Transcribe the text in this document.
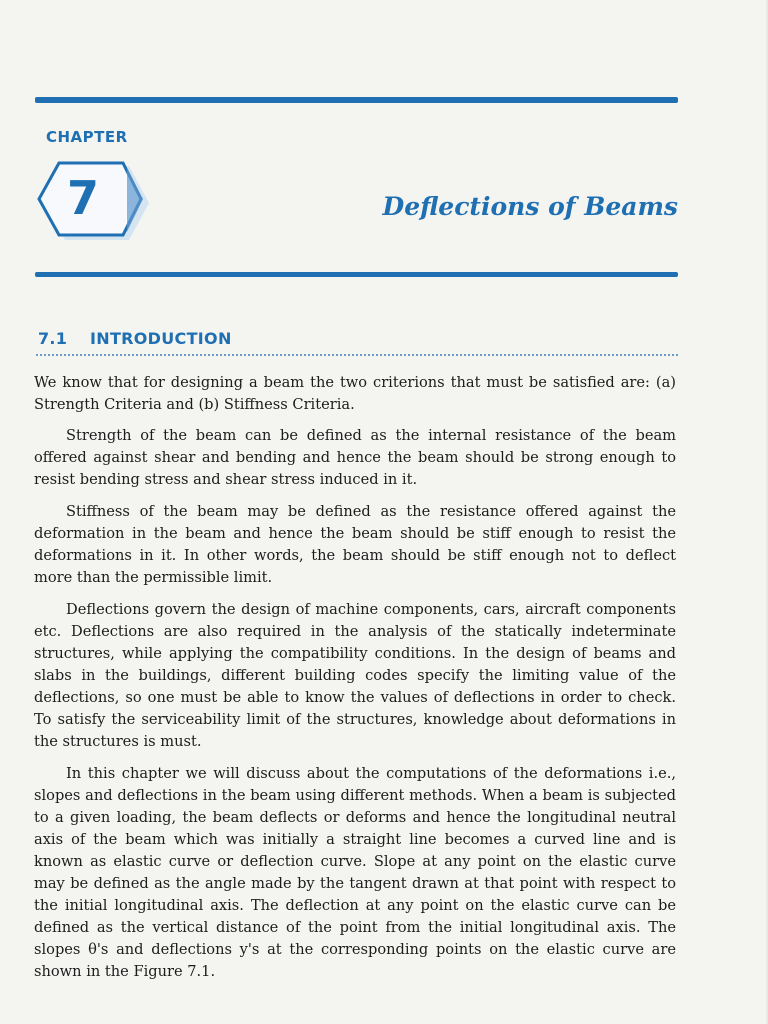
CHAPTER
7	Deflections of Beams
7.1 INTRODUCTION

We know that for designing a beam the two criterions that must be satisfied are: (a) Strength Criteria and (b) Stiffness Criteria.

Strength of the beam can be defined as the internal resistance of the beam offered against shear and bending and hence the beam should be strong enough to resist bending stress and shear stress induced in it.

Stiffness of the beam may be defined as the resistance offered against the deformation in the beam and hence the beam should be stiff enough to resist the deformations in it. In other words, the beam should be stiff enough not to deflect more than the permissible limit.

Deflections govern the design of machine components, cars, aircraft components etc. Deflections are also required in the analysis of the statically indeterminate structures, while applying the compatibility conditions. In the design of beams and slabs in the buildings, different building codes specify the limiting value of the deflections, so one must be able to know the values of deflections in order to check. To satisfy the serviceability limit of the structures, knowledge about deformations in the structures is must.

In this chapter we will discuss about the computations of the deformations i.e., slopes and deflections in the beam using different methods. When a beam is subjected to a given loading, the beam deflects or deforms and hence the longitudinal neutral axis of the beam which was initially a straight line becomes a curved line and is known as elastic curve or deflection curve. Slope at any point on the elastic curve may be defined as the angle made by the tangent drawn at that point with respect to the initial longitudinal axis. The deflection at any point on the elastic curve can be defined as the vertical distance of the point from the initial longitudinal axis. The slopes θ's and deflections y's at the corresponding points on the elastic curve are shown in the Figure 7.1.
